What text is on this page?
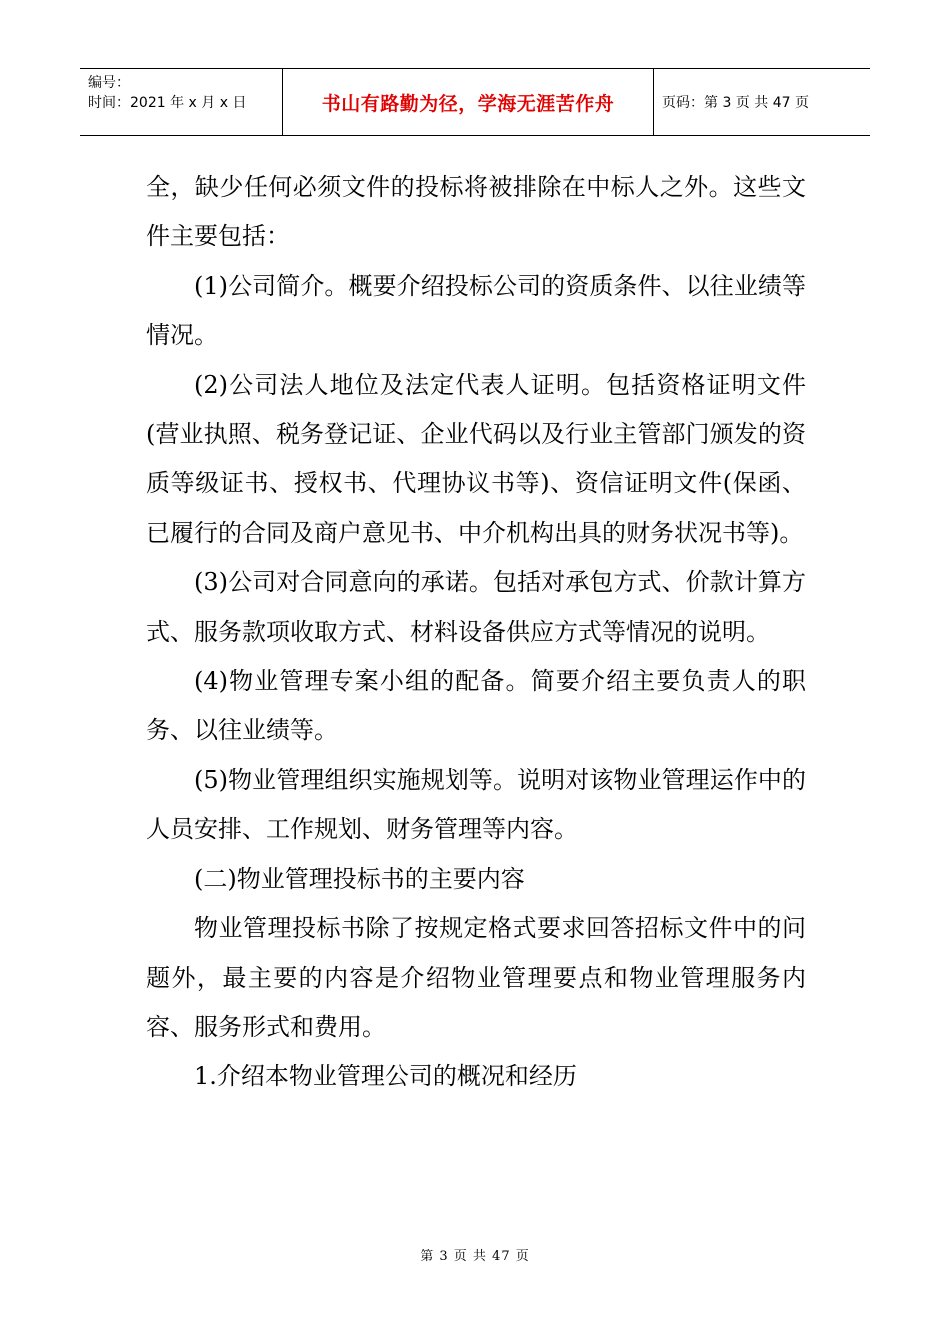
编号：
时间：2021 年 x 月 x 日	书山有路勤为径，学海无涯苦作舟	页码：第 3 页 共 47 页

全，缺少任何必须文件的投标将被排除在中标人之外。这些文件主要包括：

(1)公司简介。概要介绍投标公司的资质条件、以往业绩等情况。

(2)公司法人地位及法定代表人证明。包括资格证明文件(营业执照、税务登记证、企业代码以及行业主管部门颁发的资质等级证书、授权书、代理协议书等)、资信证明文件(保函、已履行的合同及商户意见书、中介机构出具的财务状况书等)。

(3)公司对合同意向的承诺。包括对承包方式、价款计算方式、服务款项收取方式、材料设备供应方式等情况的说明。

(4)物业管理专案小组的配备。简要介绍主要负责人的职务、以往业绩等。

(5)物业管理组织实施规划等。说明对该物业管理运作中的人员安排、工作规划、财务管理等内容。

(二)物业管理投标书的主要内容

物业管理投标书除了按规定格式要求回答招标文件中的问题外，最主要的内容是介绍物业管理要点和物业管理服务内容、服务形式和费用。

1.介绍本物业管理公司的概况和经历

第 3 页 共 47 页
